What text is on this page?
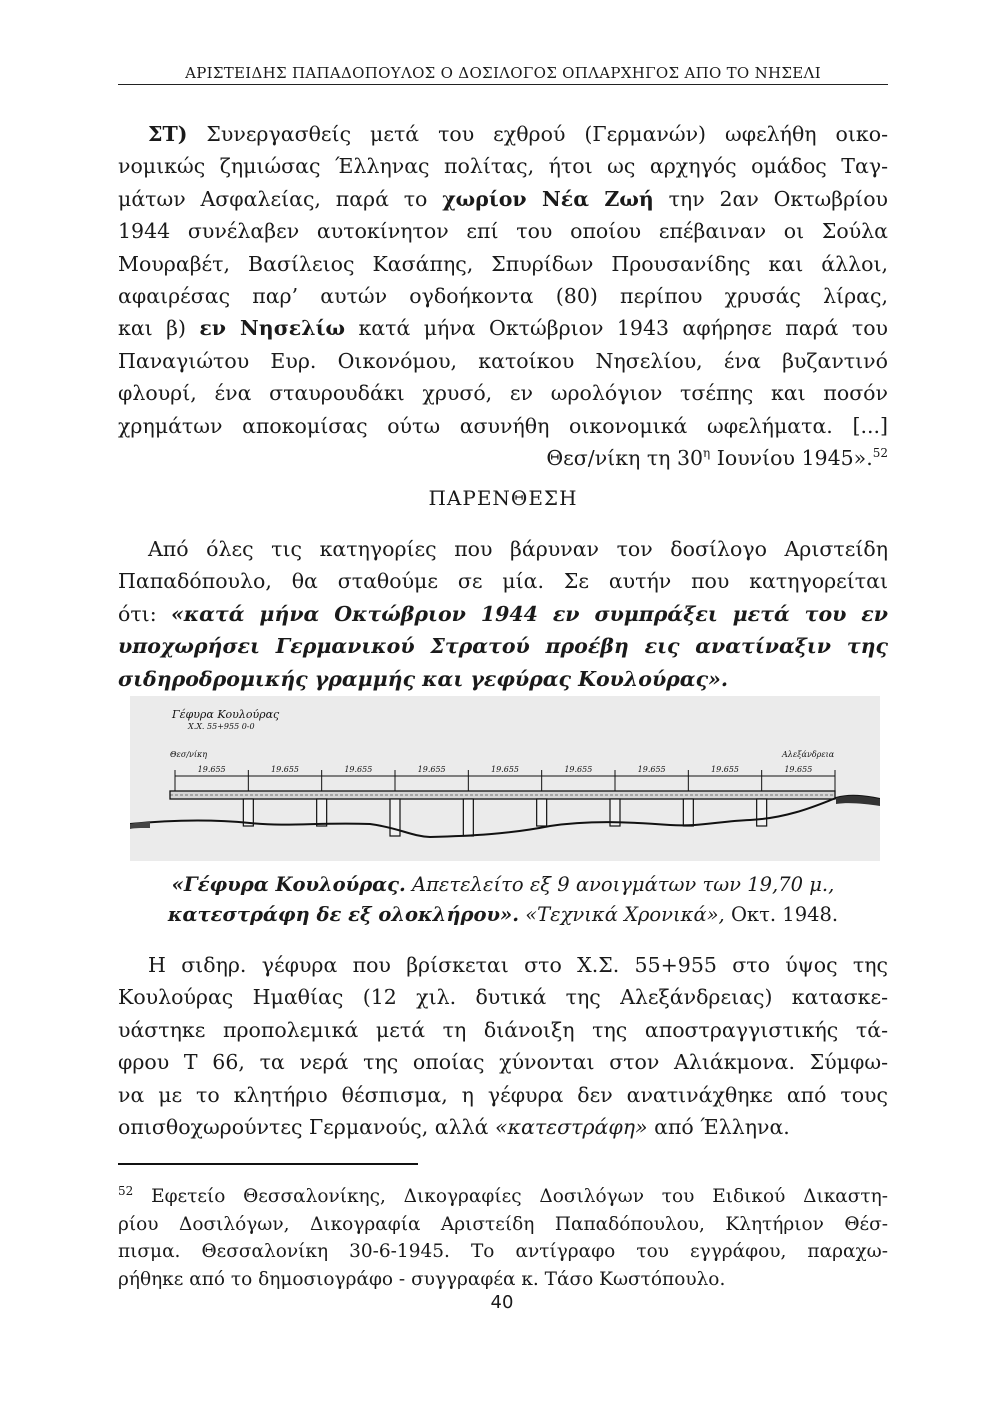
ΑΡΙΣΤΕΙΔΗΣ ΠΑΠΑΔΟΠΟΥΛΟΣ Ο ΔΟΣΙΛΟΓΟΣ ΟΠΛΑΡΧΗΓΟΣ ΑΠΟ ΤΟ ΝΗΣΕΛΙ
ΣΤ) Συνεργασθείς μετά του εχθρού (Γερμανών) ωφελήθη οικο-
νομικώς ζημιώσας Έλληνας πολίτας, ήτοι ως αρχηγός ομάδος Ταγ-
μάτων Ασφαλείας, παρά το χωρίον Νέα Ζωή την 2αν Οκτωβρίου
1944 συνέλαβεν αυτοκίνητον επί του οποίου επέβαιναν οι Σούλα
Μουραβέτ, Βασίλειος Κασάπης, Σπυρίδων Προυσανίδης και άλλοι,
αφαιρέσας παρ’ αυτών ογδοήκοντα (80) περίπου χρυσάς λίρας,
και β) εν Νησελίω κατά μήνα Οκτώβριον 1943 αφήρησε παρά του
Παναγιώτου Ευρ. Οικονόμου, κατοίκου Νησελίου, ένα βυζαντινό
φλουρί, ένα σταυρουδάκι χρυσό, εν ωρολόγιον τσέπης και ποσόν
χρημάτων αποκομίσας ούτω ασυνήθη οικονομικά ωφελήματα. [...]
Θεσ/νίκη τη $30^\eta$ Ιουνίου 1945».$^{52}$
ΠΑΡΕΝΘΕΣΗ
Από όλες τις κατηγορίες που βάρυναν τον δοσίλογο Αριστείδη
Παπαδόπουλο, θα σταθούμε σε μία. Σε αυτήν που κατηγορείται
ότι: «κατά μήνα Οκτώβριον 1944 εν συμπράξει μετά του εν
υποχωρήσει Γερμανικού Στρατού προέβη εις ανατίναξιν της
σιδηροδρομικής γραμμής και γεφύρας Κουλούρας».
Γέφυρα Κουλούρας
Χ.Χ. 55+955 0-0
Θεσ/νίκη	Αλεξάνδρεια
19.655	19.655	19.655	19.655	19.655	19.655	19.655	19.655	19.655
«Γέφυρα Κουλούρας. Απετελείτο εξ 9 ανοιγμάτων των 19,70 μ.,
κατεστράφη δε εξ ολοκλήρου». «Τεχνικά Χρονικά», Οκτ. 1948.
Η σιδηρ. γέφυρα που βρίσκεται στο Χ.Σ. 55+955 στο ύψος της
Κουλούρας Ημαθίας (12 χιλ. δυτικά της Αλεξάνδρειας) κατασκε-
υάστηκε προπολεμικά μετά τη διάνοιξη της αποστραγγιστικής τά-
φρου Τ 66, τα νερά της οποίας χύνονται στον Αλιάκμονα. Σύμφω-
να με το κλητήριο θέσπισμα, η γέφυρα δεν ανατινάχθηκε από τους
οπισθοχωρούντες Γερμανούς, αλλά «κατεστράφη» από Έλληνα.
$^{52}$ Εφετείο Θεσσαλονίκης, Δικογραφίες Δοσιλόγων του Ειδικού Δικαστη-
ρίου Δοσιλόγων, Δικογραφία Αριστείδη Παπαδόπουλου, Κλητήριον Θέσ-
πισμα. Θεσσαλονίκη 30-6-1945. Το αντίγραφο του εγγράφου, παραχω-
ρήθηκε από το δημοσιογράφο - συγγραφέα κ. Τάσο Κωστόπουλο.
40
